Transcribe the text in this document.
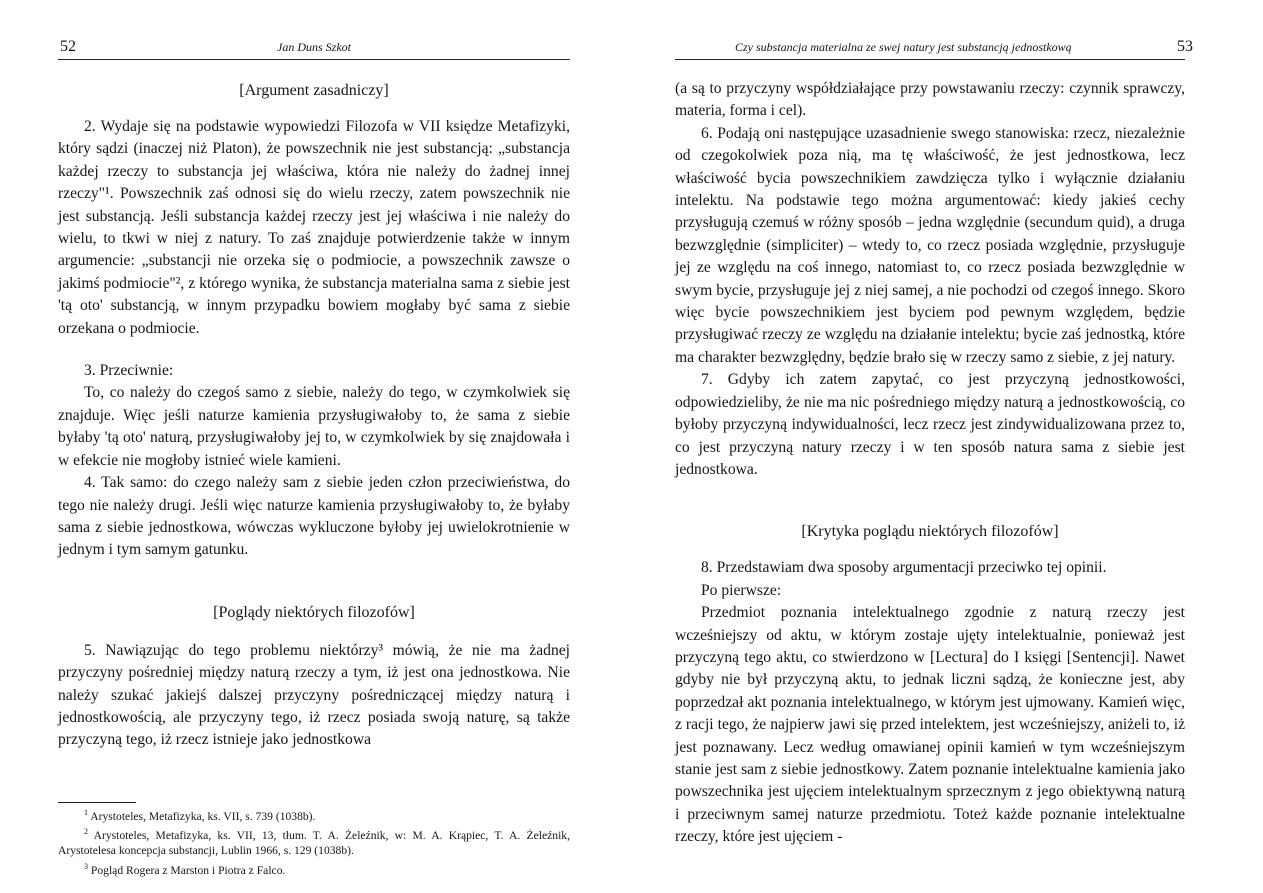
52	Jan Duns Szkot
[Argument zasadniczy]

2. Wydaje się na podstawie wypowiedzi Filozofa w VII księdze Metafizyki, który sądzi (inaczej niż Platon), że powszechnik nie jest substancją: „substancja każdej rzeczy to substancja jej właściwa, która nie należy do żadnej innej rzeczy"¹. Powszechnik zaś odnosi się do wielu rzeczy, zatem powszechnik nie jest substancją. Jeśli substancja każdej rzeczy jest jej właściwa i nie należy do wielu, to tkwi w niej z natury. To zaś znajduje potwierdzenie także w innym argumencie: „substancji nie orzeka się o podmiocie, a powszechnik zawsze o jakimś podmiocie"², z którego wynika, że substancja materialna sama z siebie jest 'tą oto' substancją, w innym przypadku bowiem mogłaby być sama z siebie orzekana o podmiocie.

3. Przeciwnie:

To, co należy do czegoś samo z siebie, należy do tego, w czymkolwiek się znajduje. Więc jeśli naturze kamienia przysługiwałoby to, że sama z siebie byłaby 'tą oto' naturą, przysługiwałoby jej to, w czymkolwiek by się znajdowała i w efekcie nie mogłoby istnieć wiele kamieni.

4. Tak samo: do czego należy sam z siebie jeden człon przeciwieństwa, do tego nie należy drugi. Jeśli więc naturze kamienia przysługiwałoby to, że byłaby sama z siebie jednostkowa, wówczas wykluczone byłoby jej uwielokrotnienie w jednym i tym samym gatunku.

[Poglądy niektórych filozofów]

5. Nawiązując do tego problemu niektórzy³ mówią, że nie ma żadnej przyczyny pośredniej między naturą rzeczy a tym, iż jest ona jednostkowa. Nie należy szukać jakiejś dalszej przyczyny pośredniczącej między naturą i jednostkowością, ale przyczyny tego, iż rzecz posiada swoją naturę, są także przyczyną tego, iż rzecz istnieje jako jednostkowa

$^1$ Arystoteles, Metafizyka, ks. VII, s. 739 (1038b).

$^2$ Arystoteles, Metafizyka, ks. VII, 13, tłum. T. A. Żeleźnik, w: M. A. Krąpiec, T. A. Żeleźnik, Arystotelesa koncepcja substancji, Lublin 1966, s. 129 (1038b).

$^3$ Pogląd Rogera z Marston i Piotra z Falco.

Czy substancja materialna ze swej natury jest substancją jednostkową	53

(a są to przyczyny współdziałające przy powstawaniu rzeczy: czynnik sprawczy, materia, forma i cel).

6. Podają oni następujące uzasadnienie swego stanowiska: rzecz, niezależnie od czegokolwiek poza nią, ma tę właściwość, że jest jednostkowa, lecz właściwość bycia powszechnikiem zawdzięcza tylko i wyłącznie działaniu intelektu. Na podstawie tego można argumentować: kiedy jakieś cechy przysługują czemuś w różny sposób – jedna względnie (secundum quid), a druga bezwzględnie (simpliciter) – wtedy to, co rzecz posiada względnie, przysługuje jej ze względu na coś innego, natomiast to, co rzecz posiada bezwzględnie w swym bycie, przysługuje jej z niej samej, a nie pochodzi od czegoś innego. Skoro więc bycie powszechnikiem jest byciem pod pewnym względem, będzie przysługiwać rzeczy ze względu na działanie intelektu; bycie zaś jednostką, które ma charakter bezwzględny, będzie brało się w rzeczy samo z siebie, z jej natury.

7. Gdyby ich zatem zapytać, co jest przyczyną jednostkowości, odpowiedzieliby, że nie ma nic pośredniego między naturą a jednostkowością, co byłoby przyczyną indywidualności, lecz rzecz jest zindywidualizowana przez to, co jest przyczyną natury rzeczy i w ten sposób natura sama z siebie jest jednostkowa.

[Krytyka poglądu niektórych filozofów]

8. Przedstawiam dwa sposoby argumentacji przeciwko tej opinii.

Po pierwsze:

Przedmiot poznania intelektualnego zgodnie z naturą rzeczy jest wcześniejszy od aktu, w którym zostaje ujęty intelektualnie, ponieważ jest przyczyną tego aktu, co stwierdzono w [Lectura] do I księgi [Sentencji]. Nawet gdyby nie był przyczyną aktu, to jednak liczni sądzą, że konieczne jest, aby poprzedzał akt poznania intelektualnego, w którym jest ujmowany. Kamień więc, z racji tego, że najpierw jawi się przed intelektem, jest wcześniejszy, aniżeli to, iż jest poznawany. Lecz według omawianej opinii kamień w tym wcześniejszym stanie jest sam z siebie jednostkowy. Zatem poznanie intelektualne kamienia jako powszechnika jest ujęciem intelektualnym sprzecznym z jego obiektywną naturą i przeciwnym samej naturze przedmiotu. Toteż każde poznanie intelektualne rzeczy, które jest ujęciem -
